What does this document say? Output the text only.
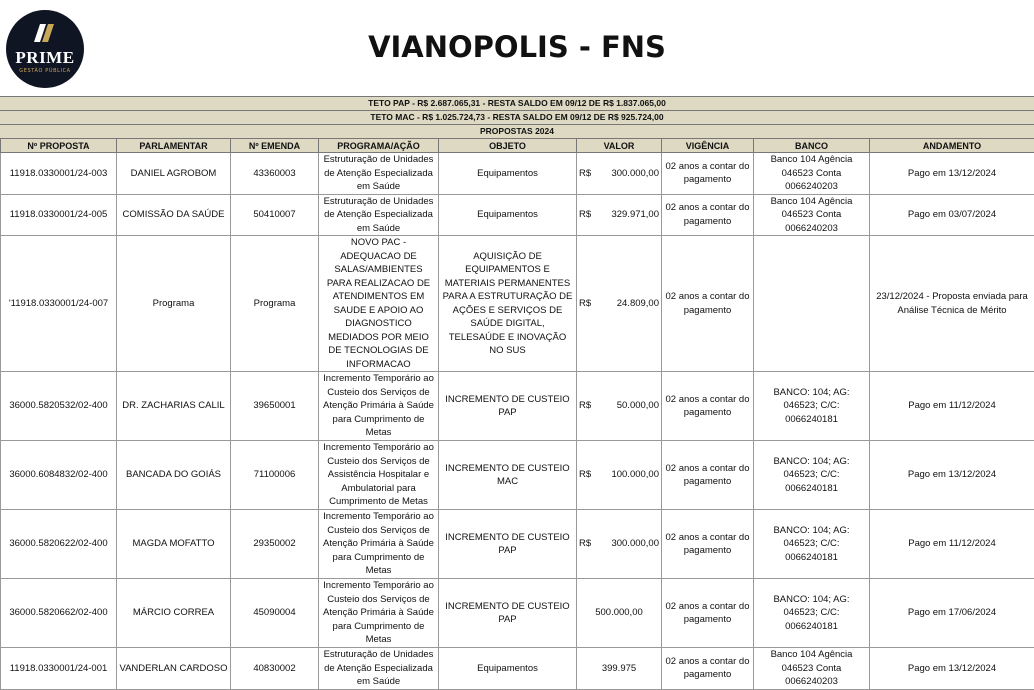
PRIME
GESTÃO PÚBLICA
VIANOPOLIS - FNS
TETO PAP - R$ 2.687.065,31 - RESTA SALDO EM 09/12 DE R$ 1.837.065,00
TETO MAC - R$ 1.025.724,73 - RESTA SALDO EM 09/12 DE R$ 925.724,00
PROPOSTAS 2024
Nº PROPOSTA	PARLAMENTAR	Nº EMENDA	PROGRAMA/AÇÃO	OBJETO	VALOR	VIGÊNCIA	BANCO	ANDAMENTO
11918.0330001/24-003	DANIEL AGROBOM	43360003	Estruturação de Unidades de Atenção Especializada em Saúde	Equipamentos	R$ 300.000,00	02 anos a contar do pagamento	Banco 104 Agência 046523 Conta 0066240203	Pago em 13/12/2024
11918.0330001/24-005	COMISSÃO DA SAÚDE	50410007	Estruturação de Unidades de Atenção Especializada em Saúde	Equipamentos	R$ 329.971,00	02 anos a contar do pagamento	Banco 104 Agência 046523 Conta 0066240203	Pago em 03/07/2024
'11918.0330001/24-007	Programa	Programa	NOVO PAC - ADEQUACAO DE SALAS/AMBIENTES PARA REALIZACAO DE ATENDIMENTOS EM SAUDE E APOIO AO DIAGNOSTICO MEDIADOS POR MEIO DE TECNOLOGIAS DE INFORMACAO	AQUISIÇÃO DE EQUIPAMENTOS E MATERIAIS PERMANENTES PARA A ESTRUTURAÇÃO DE AÇÕES E SERVIÇOS DE SAÚDE DIGITAL, TELESAÚDE E INOVAÇÃO NO SUS	R$ 24.809,00	02 anos a contar do pagamento		23/12/2024 - Proposta enviada para Análise Técnica de Mérito
36000.5820532/02-400	DR. ZACHARIAS CALIL	39650001	Incremento Temporário ao Custeio dos Serviços de Atenção Primária à Saúde para Cumprimento de Metas	INCREMENTO DE CUSTEIO PAP	R$ 50.000,00	02 anos a contar do pagamento	BANCO: 104; AG: 046523; C/C: 0066240181	Pago em 11/12/2024
36000.6084832/02-400	BANCADA DO GOIÁS	71100006	Incremento Temporário ao Custeio dos Serviços de Assistência Hospitalar e Ambulatorial para Cumprimento de Metas	INCREMENTO DE CUSTEIO MAC	R$ 100.000,00	02 anos a contar do pagamento	BANCO: 104; AG: 046523; C/C: 0066240181	Pago em 13/12/2024
36000.5820622/02-400	MAGDA MOFATTO	29350002	Incremento Temporário ao Custeio dos Serviços de Atenção Primária à Saúde para Cumprimento de Metas	INCREMENTO DE CUSTEIO PAP	R$ 300.000,00	02 anos a contar do pagamento	BANCO: 104; AG: 046523; C/C: 0066240181	Pago em 11/12/2024
36000.5820662/02-400	MÁRCIO CORREA	45090004	Incremento Temporário ao Custeio dos Serviços de Atenção Primária à Saúde para Cumprimento de Metas	INCREMENTO DE CUSTEIO PAP	500.000,00	02 anos a contar do pagamento	BANCO: 104; AG: 046523; C/C: 0066240181	Pago em 17/06/2024
11918.0330001/24-001	VANDERLAN CARDOSO	40830002	Estruturação de Unidades de Atenção Especializada em Saúde	Equipamentos	399.975	02 anos a contar do pagamento	Banco 104 Agência 046523 Conta 0066240203	Pago em 13/12/2024
